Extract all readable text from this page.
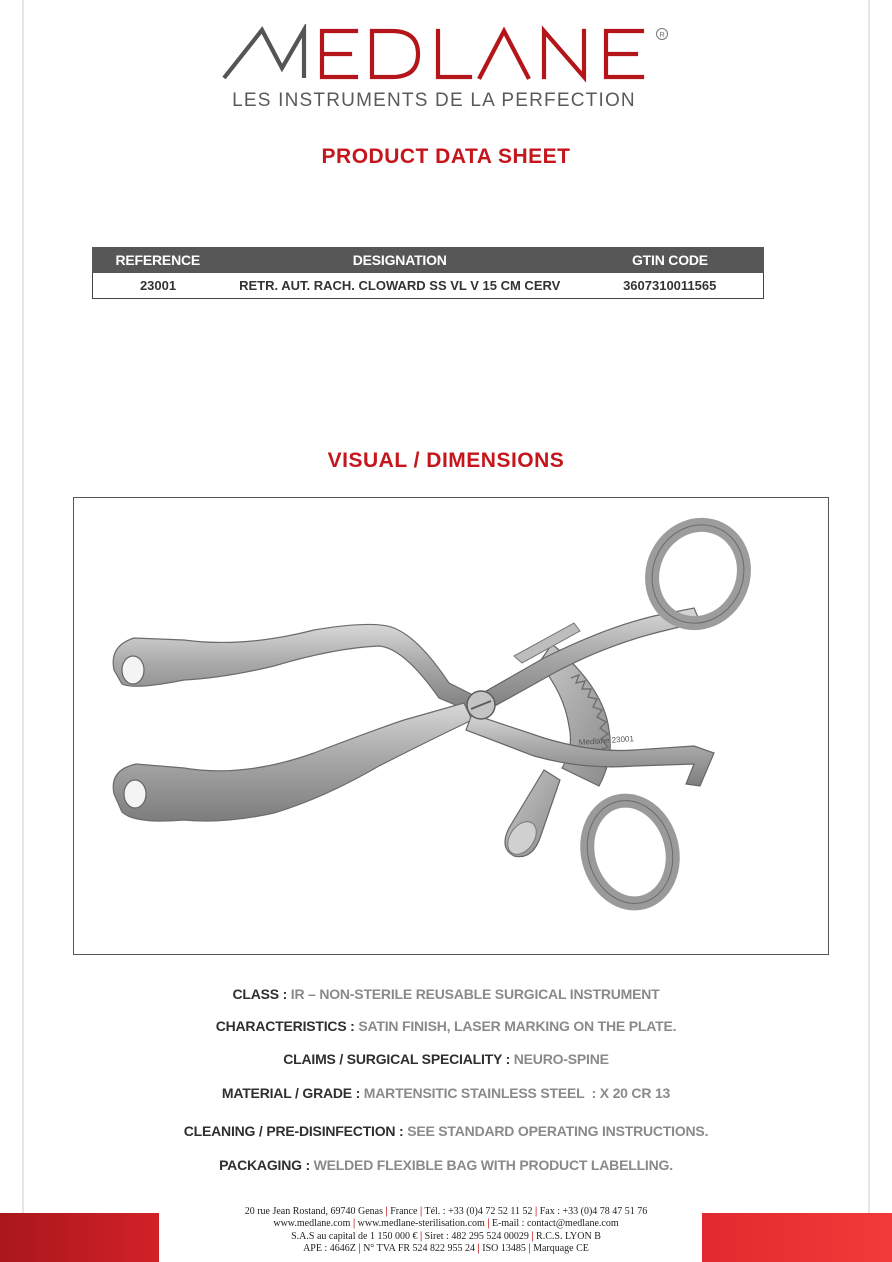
R
LES INSTRUMENTS DE LA PERFECTION
PRODUCT DATA SHEET
REFERENCE	DESIGNATION	GTIN CODE
23001	RETR. AUT. RACH. CLOWARD SS VL V 15 CM CERV	3607310011565
VISUAL / DIMENSIONS
Medlane 23001
CLASS : IR – NON-STERILE REUSABLE SURGICAL INSTRUMENT
CHARACTERISTICS : SATIN FINISH, LASER MARKING ON THE PLATE.
CLAIMS / SURGICAL SPECIALITY : NEURO-SPINE
MATERIAL / GRADE : MARTENSITIC STAINLESS STEEL  : X 20 CR 13
CLEANING / PRE-DISINFECTION : SEE STANDARD OPERATING INSTRUCTIONS.
PACKAGING : WELDED FLEXIBLE BAG WITH PRODUCT LABELLING.
20 rue Jean Rostand, 69740 Genas | France | Tél. : +33 (0)4 72 52 11 52 | Fax : +33 (0)4 78 47 51 76
www.medlane.com | www.medlane-sterilisation.com | E-mail : contact@medlane.com
S.A.S au capital de 1 150 000 € | Siret : 482 295 524 00029 | R.C.S. LYON B
APE : 4646Z | N° TVA FR 524 822 955 24 | ISO 13485 | Marquage CE
